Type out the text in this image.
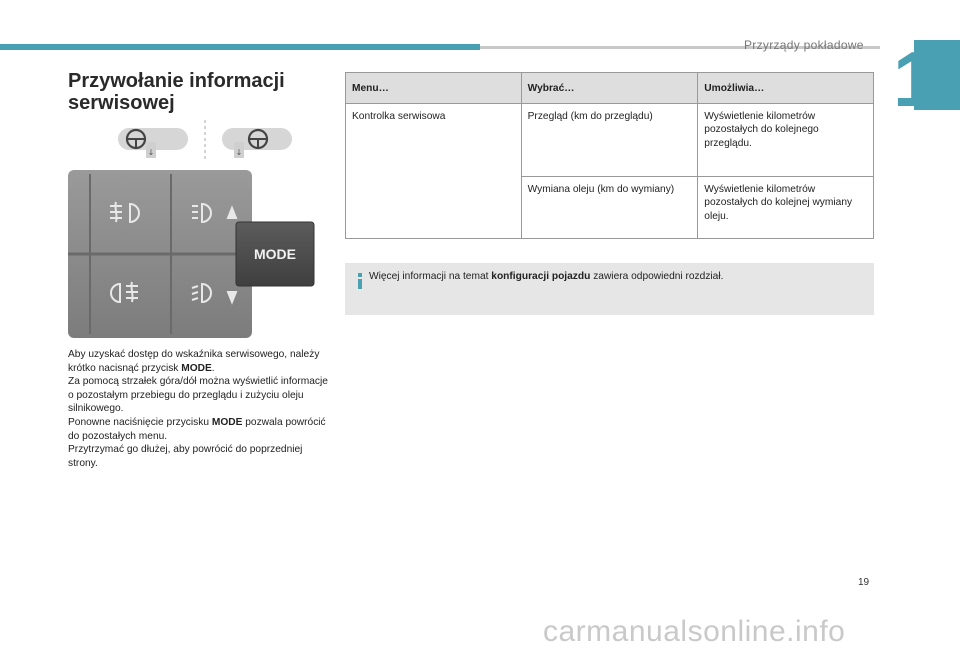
Przyrządy pokładowe 1
Przywołanie informacji
serwisowej
↓	↓
MODE

Aby uzyskać dostęp do wskaźnika serwisowego, należy krótko nacisnąć przycisk MODE.

Za pomocą strzałek góra/dół można wyświetlić informacje o pozostałym przebiegu do przeglądu i zużyciu oleju silnikowego.

Ponowne naciśnięcie przycisku MODE pozwala powrócić do pozostałych menu.

Przytrzymać go dłużej, aby powrócić do poprzedniej strony.

Menu…	Wybrać…	Umożliwia…
Kontrolka serwisowa	Przegląd (km do przeglądu)	Wyświetlenie kilometrów pozostałych do kolejnego przeglądu.
	Wymiana oleju (km do wymiany)	Wyświetlenie kilometrów pozostałych do kolejnej wymiany oleju.
Więcej informacji na temat konfiguracji pojazdu zawiera odpowiedni rozdział.
19
carmanualsonline.info
